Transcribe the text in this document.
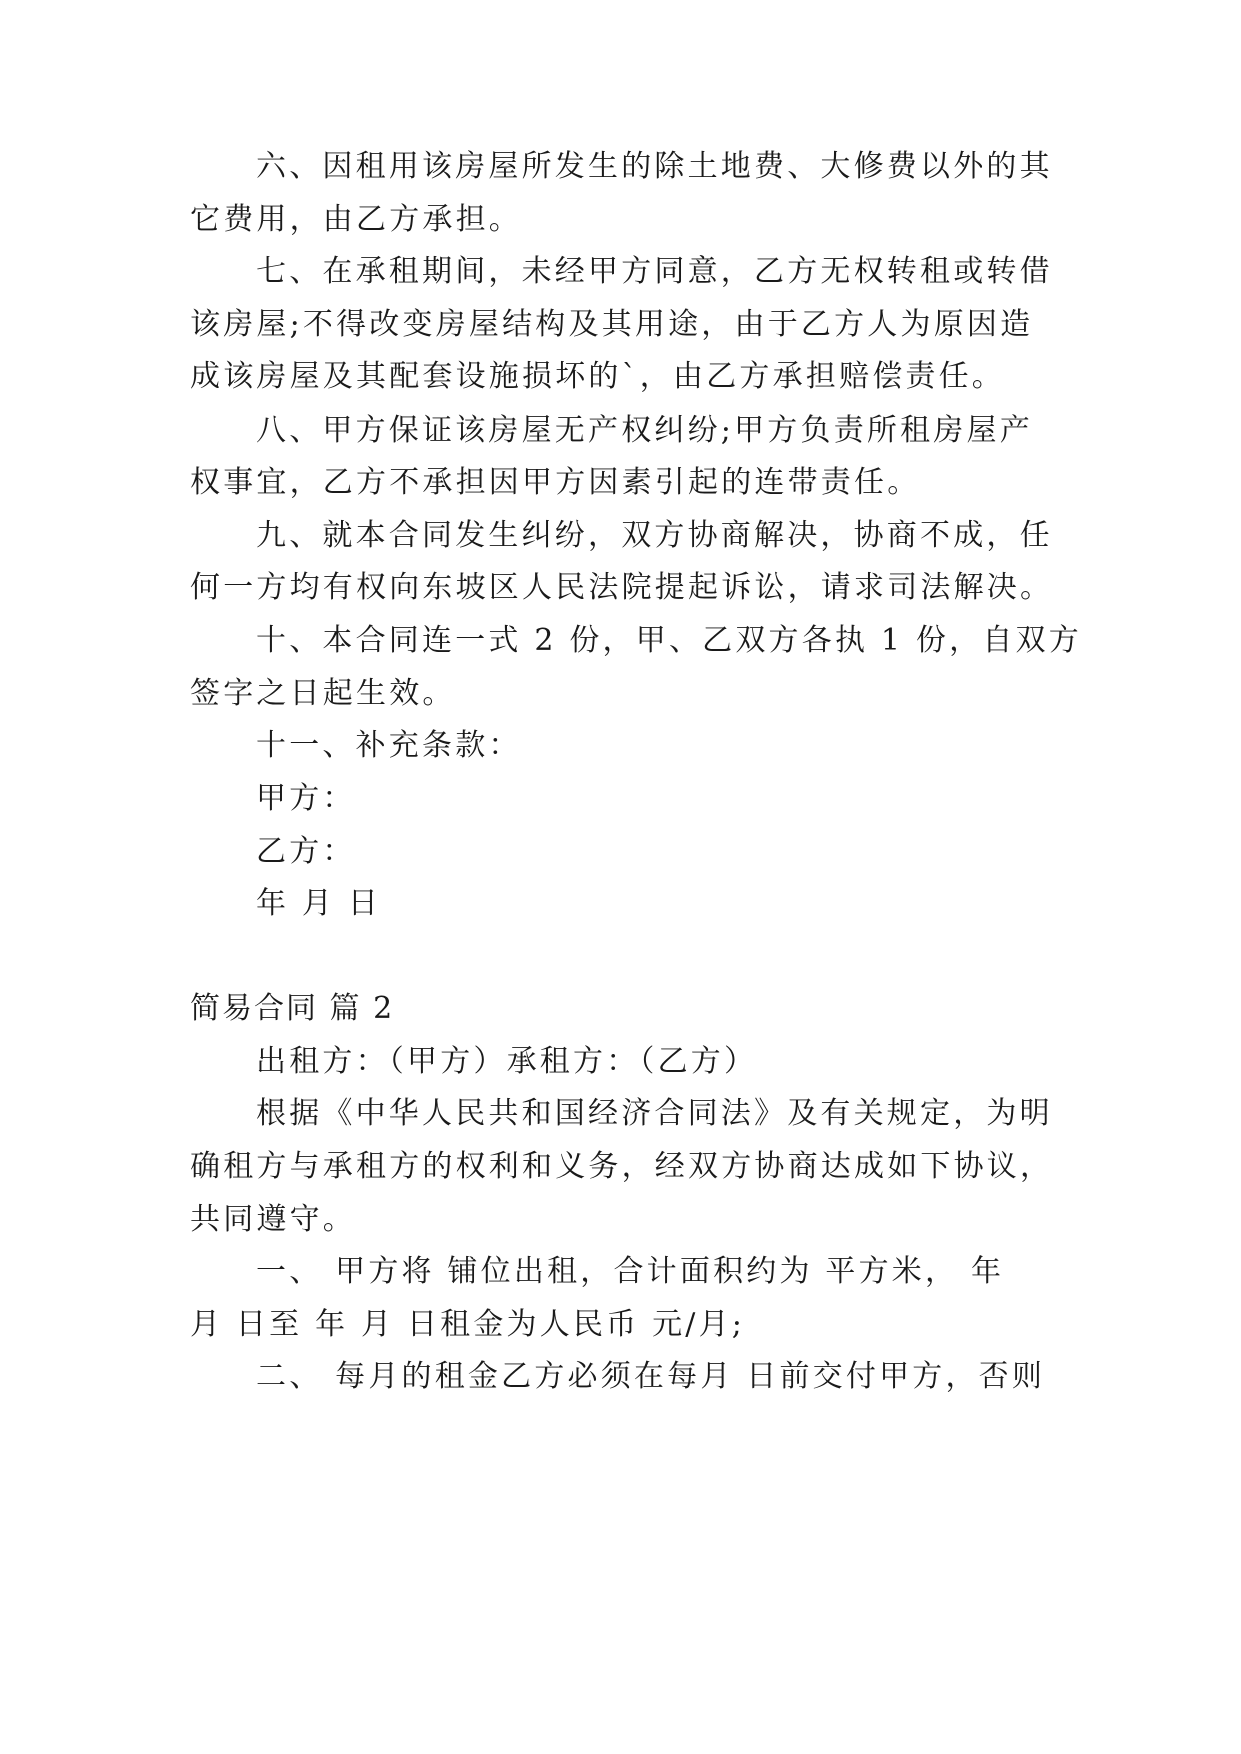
六、因租用该房屋所发生的除土地费、大修费以外的其
它费用，由乙方承担。
七、在承租期间，未经甲方同意，乙方无权转租或转借
该房屋;不得改变房屋结构及其用途，由于乙方人为原因造
成该房屋及其配套设施损坏的`，由乙方承担赔偿责任。
八、甲方保证该房屋无产权纠纷;甲方负责所租房屋产
权事宜，乙方不承担因甲方因素引起的连带责任。
九、就本合同发生纠纷，双方协商解决，协商不成，任
何一方均有权向东坡区人民法院提起诉讼，请求司法解决。
十、本合同连一式 2 份，甲、乙双方各执 1 份，自双方
签字之日起生效。
十一、补充条款：
甲方：
乙方：
年 月 日
简易合同 篇 2
出租方：（甲方）承租方：（乙方）
根据《中华人民共和国经济合同法》及有关规定，为明
确租方与承租方的权利和义务，经双方协商达成如下协议，
共同遵守。
一、 甲方将 铺位出租，合计面积约为 平方米， 年
月 日至 年 月 日租金为人民币 元/月;
二、 每月的租金乙方必须在每月 日前交付甲方，否则
